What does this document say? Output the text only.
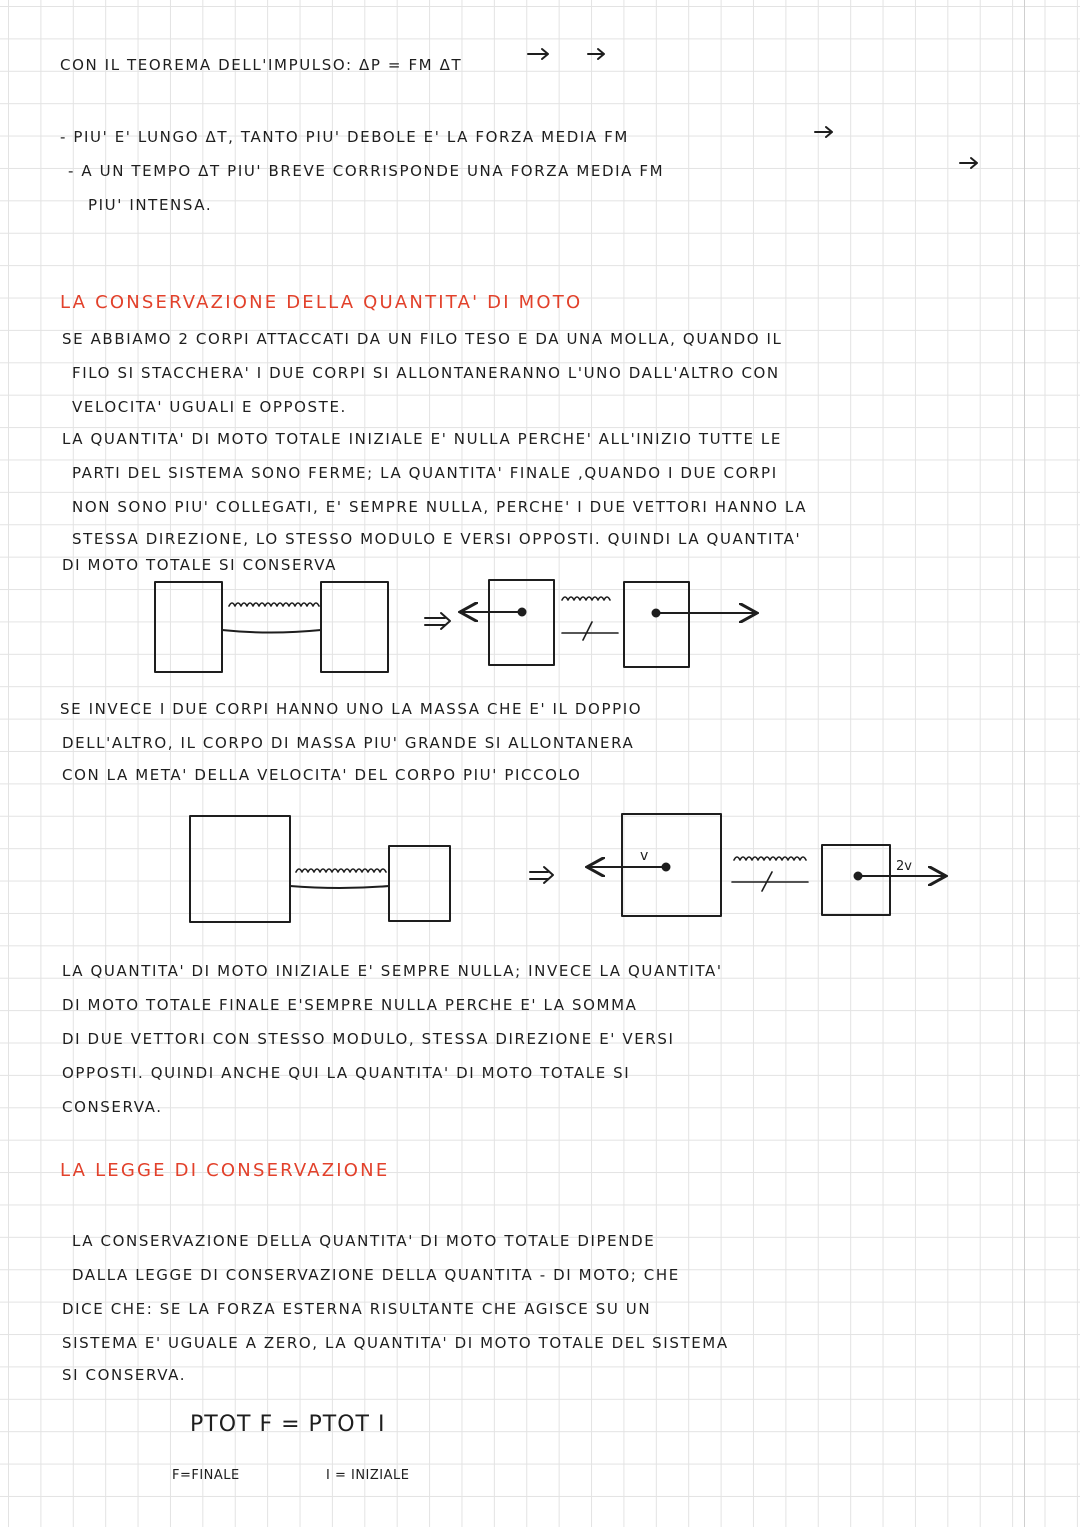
CON IL TEOREMA DELL'IMPULSO: ΔP = FM ΔT
- PIU' E' LUNGO ΔT, TANTO PIU' DEBOLE E' LA FORZA MEDIA FM
- A UN TEMPO ΔT PIU' BREVE CORRISPONDE UNA FORZA MEDIA FM
PIU' INTENSA.
LA CONSERVAZIONE DELLA QUANTITA' DI MOTO
SE ABBIAMO 2 CORPI ATTACCATI DA UN FILO TESO E DA UNA MOLLA, QUANDO IL
FILO SI STACCHERA' I DUE CORPI SI ALLONTANERANNO L'UNO DALL'ALTRO CON
VELOCITA' UGUALI E OPPOSTE.
LA QUANTITA' DI MOTO TOTALE INIZIALE E' NULLA PERCHE' ALL'INIZIO TUTTE LE
PARTI DEL SISTEMA SONO FERME; LA QUANTITA' FINALE ,QUANDO I DUE CORPI
NON SONO PIU' COLLEGATI, E' SEMPRE NULLA, PERCHE' I DUE VETTORI HANNO LA
STESSA DIREZIONE, LO STESSO MODULO E VERSI OPPOSTI. QUINDI LA QUANTITA'
DI MOTO TOTALE SI CONSERVA
SE INVECE I DUE CORPI HANNO UNO LA MASSA CHE E' IL DOPPIO
DELL'ALTRO, IL CORPO DI MASSA PIU' GRANDE SI ALLONTANERA
CON LA META' DELLA VELOCITA' DEL CORPO PIU' PICCOLO
LA QUANTITA' DI MOTO INIZIALE E' SEMPRE NULLA; INVECE LA QUANTITA'
DI MOTO TOTALE FINALE E'SEMPRE NULLA PERCHE E' LA SOMMA
DI DUE VETTORI CON STESSO MODULO, STESSA DIREZIONE E' VERSI
OPPOSTI. QUINDI ANCHE QUI LA QUANTITA' DI MOTO TOTALE SI
CONSERVA.
LA LEGGE DI CONSERVAZIONE
LA CONSERVAZIONE DELLA QUANTITA' DI MOTO TOTALE DIPENDE
DALLA LEGGE DI CONSERVAZIONE DELLA QUANTITA - DI MOTO; CHE
DICE CHE: SE LA FORZA ESTERNA RISULTANTE CHE AGISCE SU UN
SISTEMA E' UGUALE A ZERO, LA QUANTITA' DI MOTO TOTALE DEL SISTEMA
SI CONSERVA.
PTOT F = PTOT I
F=FINALE	I = INIZIALE
v
2v
